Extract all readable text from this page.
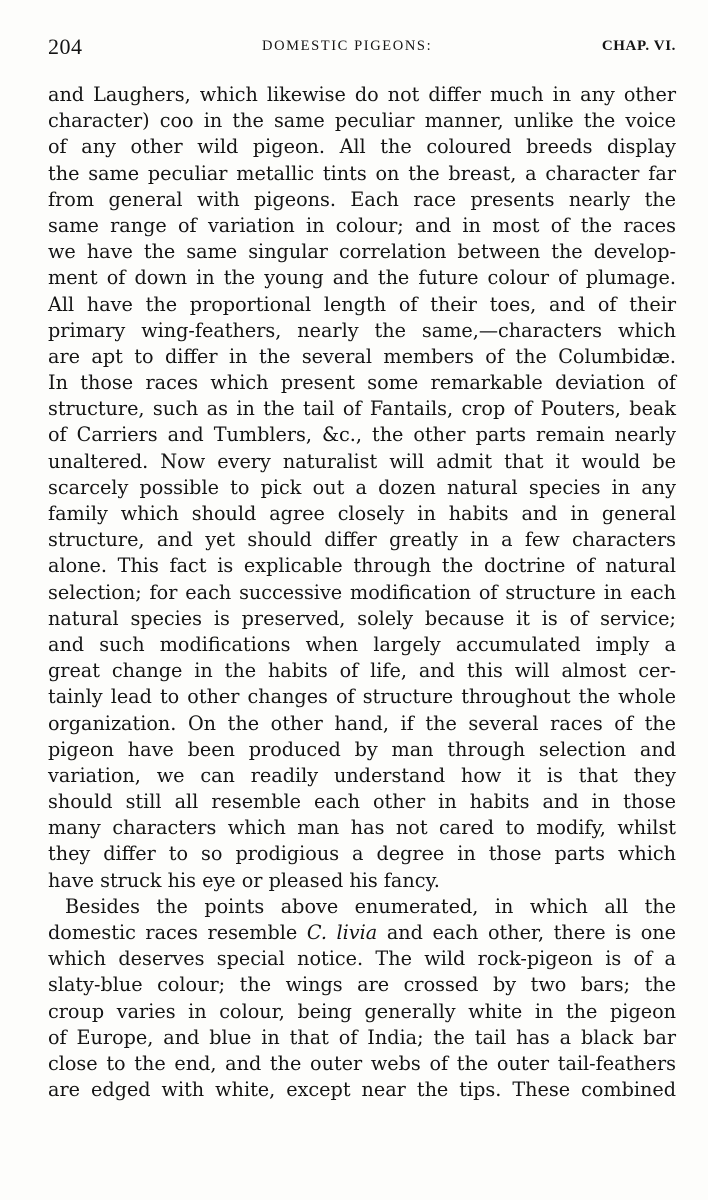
204	DOMESTIC PIGEONS:	CHAP. VI.
and Laughers, which likewise do not differ much in any other
character) coo in the same peculiar manner, unlike the voice
of any other wild pigeon. All the coloured breeds display
the same peculiar metallic tints on the breast, a character far
from general with pigeons. Each race presents nearly the
same range of variation in colour; and in most of the races
we have the same singular correlation between the develop-
ment of down in the young and the future colour of plumage.
All have the proportional length of their toes, and of their
primary wing-feathers, nearly the same,—characters which
are apt to differ in the several members of the Columbidæ.
In those races which present some remarkable deviation of
structure, such as in the tail of Fantails, crop of Pouters, beak
of Carriers and Tumblers, &c., the other parts remain nearly
unaltered. Now every naturalist will admit that it would be
scarcely possible to pick out a dozen natural species in any
family which should agree closely in habits and in general
structure, and yet should differ greatly in a few characters
alone. This fact is explicable through the doctrine of natural
selection; for each successive modification of structure in each
natural species is preserved, solely because it is of service;
and such modifications when largely accumulated imply a
great change in the habits of life, and this will almost cer-
tainly lead to other changes of structure throughout the whole
organization. On the other hand, if the several races of the
pigeon have been produced by man through selection and
variation, we can readily understand how it is that they
should still all resemble each other in habits and in those
many characters which man has not cared to modify, whilst
they differ to so prodigious a degree in those parts which
have struck his eye or pleased his fancy.
Besides the points above enumerated, in which all the
domestic races resemble C. livia and each other, there is one
which deserves special notice. The wild rock-pigeon is of a
slaty-blue colour; the wings are crossed by two bars; the
croup varies in colour, being generally white in the pigeon
of Europe, and blue in that of India; the tail has a black bar
close to the end, and the outer webs of the outer tail-feathers
are edged with white, except near the tips. These combined
